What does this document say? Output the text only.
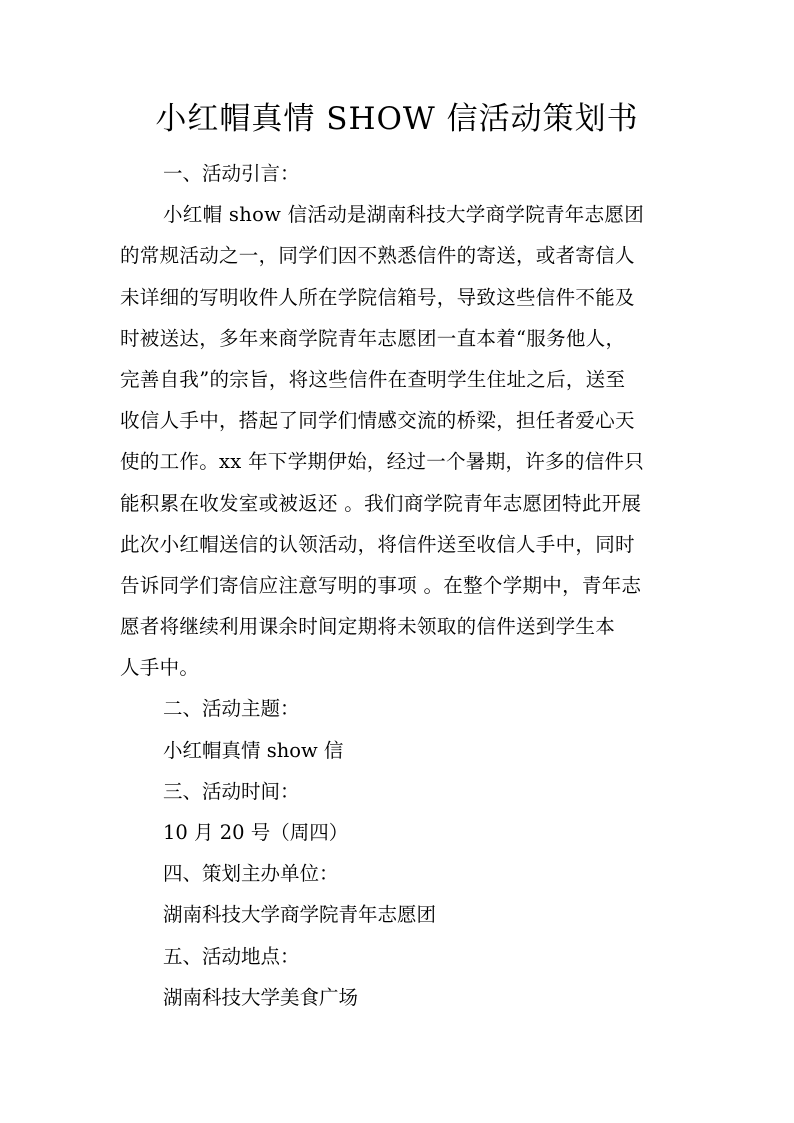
小红帽真情 SHOW 信活动策划书
一、活动引言：
小红帽 show 信活动是湖南科技大学商学院青年志愿团
的常规活动之一，同学们因不熟悉信件的寄送，或者寄信人
未详细的写明收件人所在学院信箱号，导致这些信件不能及
时被送达，多年来商学院青年志愿团一直本着“服务他人，
完善自我”的宗旨，将这些信件在查明学生住址之后，送至
收信人手中，搭起了同学们情感交流的桥梁，担任者爱心天
使的工作。xx 年下学期伊始，经过一个暑期，许多的信件只
能积累在收发室或被返还 。我们商学院青年志愿团特此开展
此次小红帽送信的认领活动，将信件送至收信人手中，同时
告诉同学们寄信应注意写明的事项 。在整个学期中，青年志
愿者将继续利用课余时间定期将未领取的信件送到学生本
人手中。
二、活动主题：
小红帽真情 show 信
三、活动时间：
10 月 20 号（周四）
四、策划主办单位：
湖南科技大学商学院青年志愿团
五、活动地点：
湖南科技大学美食广场
